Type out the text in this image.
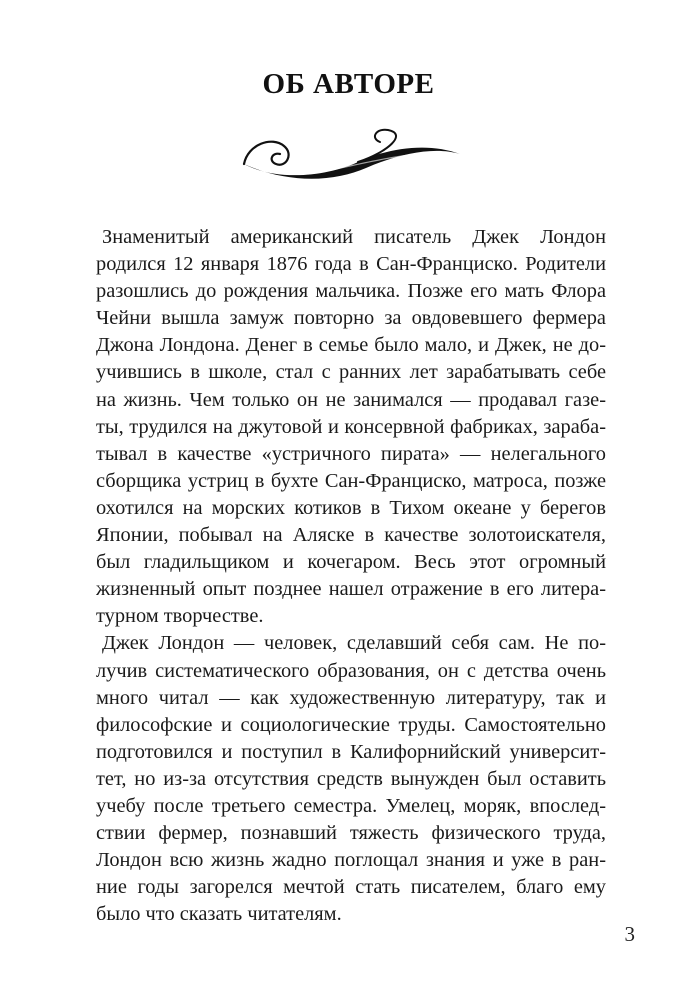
ОБ АВТОРЕ

Знаменитый американский писатель Джек Лондон
родился 12 января 1876 года в Сан-Франциско. Родители
разошлись до рождения мальчика. Позже его мать Флора
Чейни вышла замуж повторно за овдовевшего фермера
Джона Лондона. Денег в семье было мало, и Джек, не до-
учившись в школе, стал с ранних лет зарабатывать себе
на жизнь. Чем только он не занимался — продавал газе-
ты, трудился на джутовой и консервной фабриках, зараба-
тывал в качестве «устричного пирата» — нелегального
сборщика устриц в бухте Сан-Франциско, матроса, позже
охотился на морских котиков в Тихом океане у берегов
Японии, побывал на Аляске в качестве золотоискателя,
был гладильщиком и кочегаром. Весь этот огромный
жизненный опыт позднее нашел отражение в его литера-
турном творчестве.

Джек Лондон — человек, сделавший себя сам. Не по-
лучив систематического образования, он с детства очень
много читал — как художественную литературу, так и
философские и социологические труды. Самостоятельно
подготовился и поступил в Калифорнийский университ-
тет, но из-за отсутствия средств вынужден был оставить
учебу после третьего семестра. Умелец, моряк, впослед-
ствии фермер, познавший тяжесть физического труда,
Лондон всю жизнь жадно поглощал знания и уже в ран-
ние годы загорелся мечтой стать писателем, благо ему
было что сказать читателям.

3
